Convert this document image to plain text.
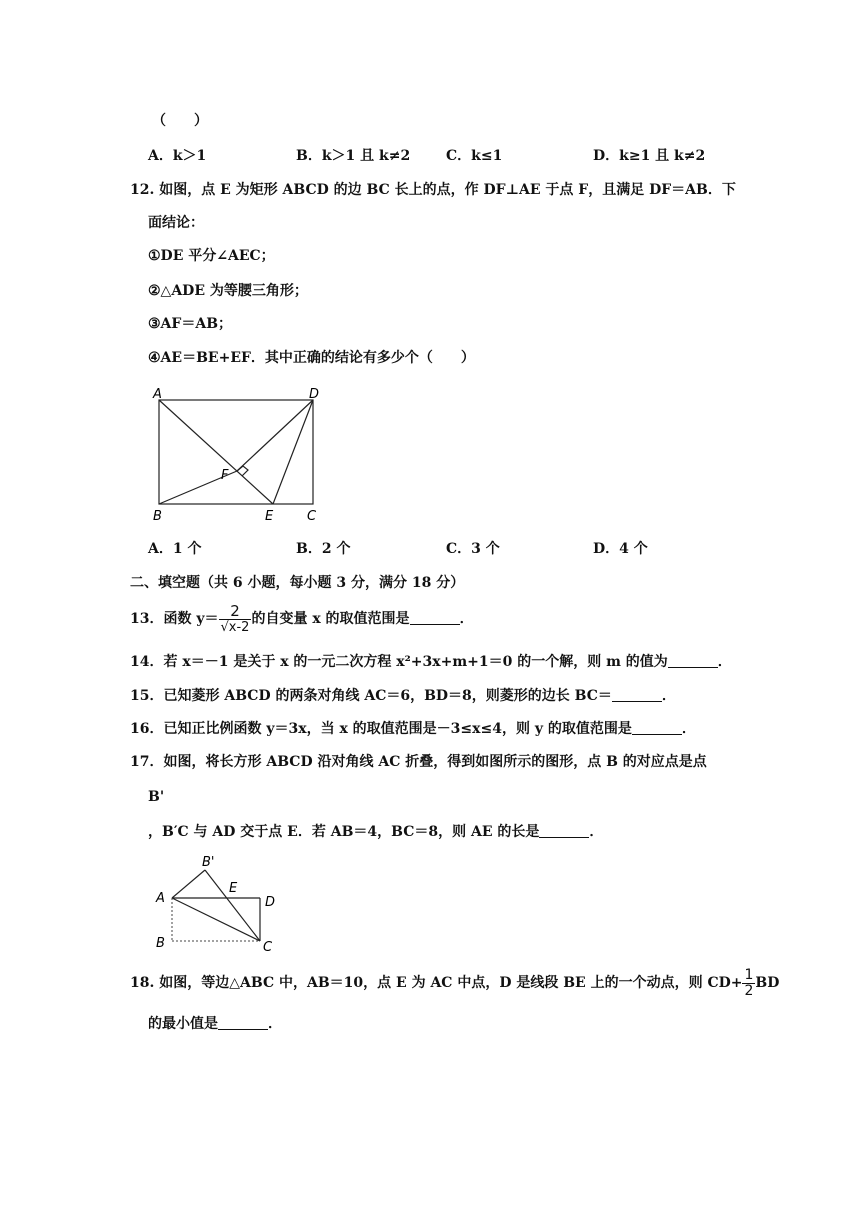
（　　）
A．k＞1	B．k＞1 且 k≠2	C．k≤1	D．k≥1 且 k≠2
12. 如图，点 E 为矩形 ABCD 的边 BC 长上的点，作 DF⊥AE 于点 F，且满足 DF＝AB．下
面结论：
①DE 平分∠AEC；
②△ADE 为等腰三角形；
③AF＝AB；
④AE＝BE+EF．其中正确的结论有多少个（　　）
A	D
F
B	E	C
A．1 个	B．2 个	C．3 个	D．4 个
二、填空题（共 6 小题，每小题 3 分，满分 18 分）
13．函数 $y= \frac{2}{√x-2}$ 的自变量 x 的取值范围是	．
14．若 x＝－1 是关于 x 的一元二次方程 x²+3x+m+1＝0 的一个解，则 m 的值为	．
15．已知菱形 ABCD 的两条对角线 AC＝6，BD＝8，则菱形的边长 BC＝	．
16．已知正比例函数 y＝3x，当 x 的取值范围是－3≤x≤4，则 y 的取值范围是	．
17．如图，将长方形 ABCD 沿对角线 AC 折叠，得到如图所示的图形，点 B 的对应点是点
B'
，B′C 与 AD 交于点 E．若 AB＝4，BC＝8，则 AE 的长是	．
B'
A
E
D
B	C
18. 如图，等边△ABC 中，AB＝10，点 E 为 AC 中点，D 是线段 BE 上的一个动点，则 $CD+ \frac{1}{2}$ BD
的最小值是	．
